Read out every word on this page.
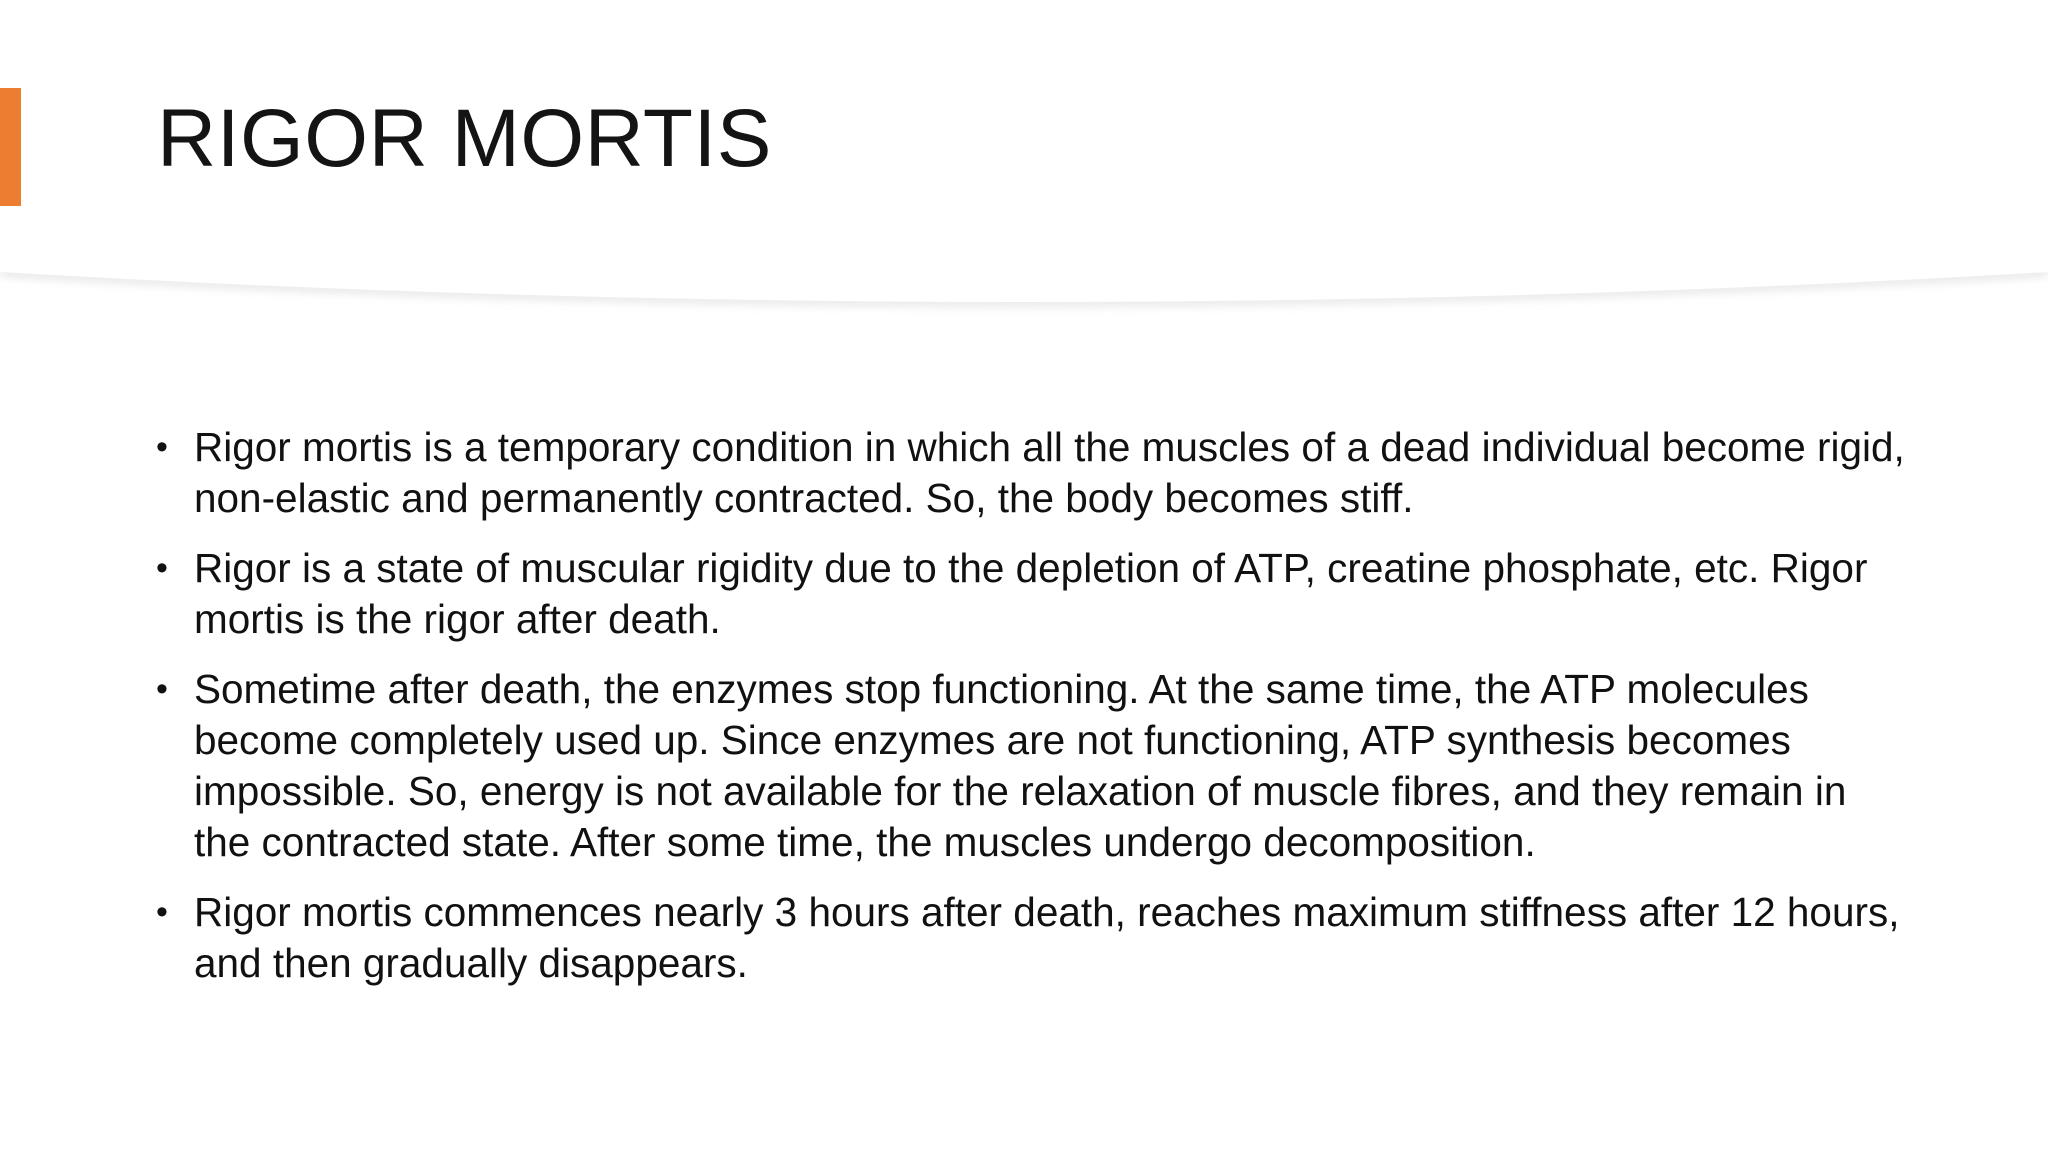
RIGOR MORTIS
• Rigor mortis is a temporary condition in which all the muscles of a dead individual become rigid, non-elastic and permanently contracted. So, the body becomes stiff.
• Rigor is a state of muscular rigidity due to the depletion of ATP, creatine phosphate, etc. Rigor mortis is the rigor after death.
• Sometime after death, the enzymes stop functioning. At the same time, the ATP molecules become completely used up. Since enzymes are not functioning, ATP synthesis becomes impossible. So, energy is not available for the relaxation of muscle fibres, and they remain in the contracted state. After some time, the muscles undergo decomposition.
• Rigor mortis commences nearly 3 hours after death, reaches maximum stiffness after 12 hours, and then gradually disappears.
